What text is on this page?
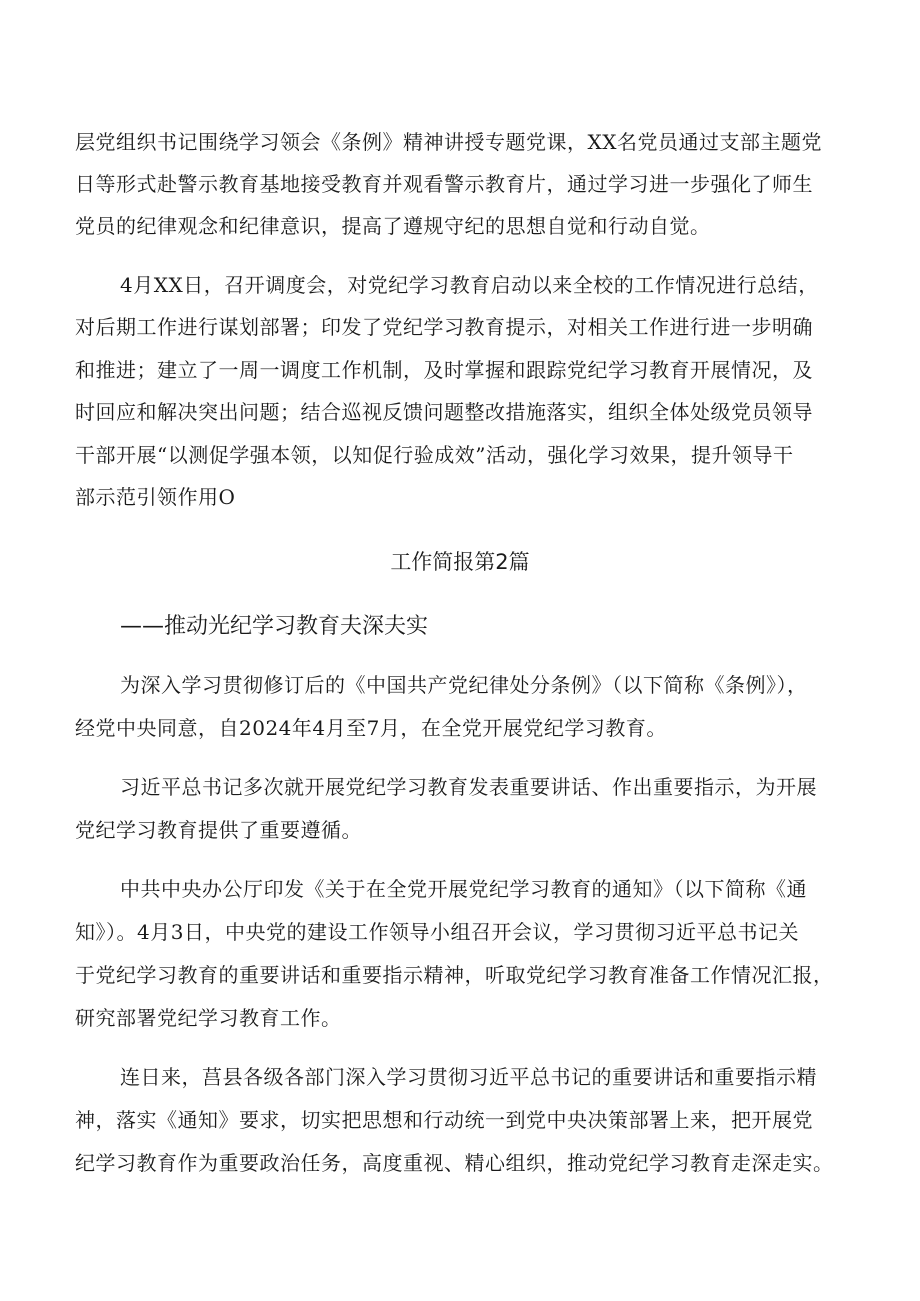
层党组织书记围绕学习领会《条例》精神讲授专题党课，XX名党员通过支部主题党
日等形式赴警示教育基地接受教育并观看警示教育片，通过学习进一步强化了师生
党员的纪律观念和纪律意识，提高了遵规守纪的思想自觉和行动自觉。
4月XX日，召开调度会，对党纪学习教育启动以来全校的工作情况进行总结，
对后期工作进行谋划部署；印发了党纪学习教育提示，对相关工作进行进一步明确
和推进；建立了一周一调度工作机制，及时掌握和跟踪党纪学习教育开展情况，及
时回应和解决突出问题；结合巡视反馈问题整改措施落实，组织全体处级党员领导
干部开展“以测促学强本领，以知促行验成效”活动，强化学习效果，提升领导干
部示范引领作用O
工作简报第2篇
——推动光纪学习教育夫深夫实
为深入学习贯彻修订后的《中国共产党纪律处分条例》（以下简称《条例》），
经党中央同意，自2024年4月至7月，在全党开展党纪学习教育。
习近平总书记多次就开展党纪学习教育发表重要讲话、作出重要指示，为开展
党纪学习教育提供了重要遵循。
中共中央办公厅印发《关于在全党开展党纪学习教育的通知》（以下简称《通
知》）。4月3日，中央党的建设工作领导小组召开会议，学习贯彻习近平总书记关
于党纪学习教育的重要讲话和重要指示精神，听取党纪学习教育准备工作情况汇报，
研究部署党纪学习教育工作。
连日来，莒县各级各部门深入学习贯彻习近平总书记的重要讲话和重要指示精
神，落实《通知》要求，切实把思想和行动统一到党中央决策部署上来，把开展党
纪学习教育作为重要政治任务，高度重视、精心组织，推动党纪学习教育走深走实。
